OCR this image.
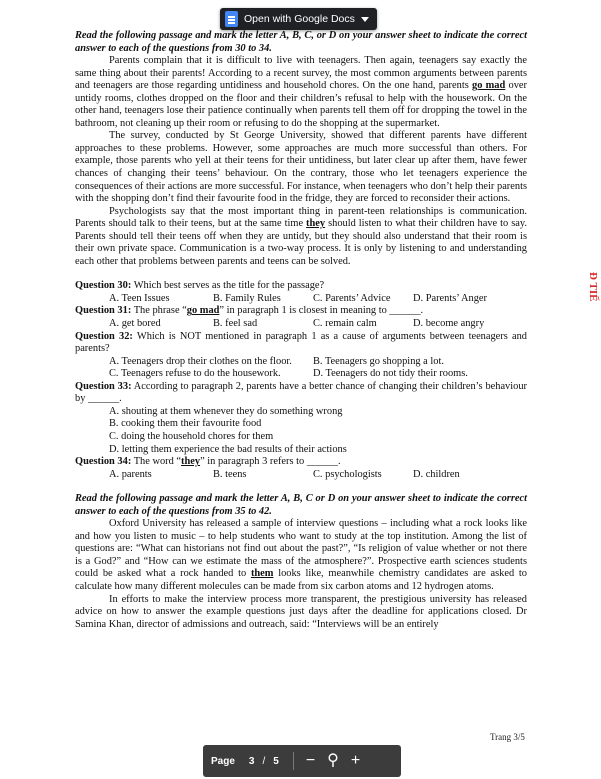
Read the following passage and mark the letter A, B, C, or D on your answer sheet to indicate the correct answer to each of the questions from 30 to 34.

Parents complain that it is difficult to live with teenagers. Then again, teenagers say exactly the same thing about their parents! According to a recent survey, the most common arguments between parents and teenagers are those regarding untidiness and household chores. On the one hand, parents go mad over untidy rooms, clothes dropped on the floor and their children’s refusal to help with the housework. On the other hand, teenagers lose their patience continually when parents tell them off for dropping the towel in the bathroom, not cleaning up their room or refusing to do the shopping at the supermarket.

The survey, conducted by St George University, showed that different parents have different approaches to these problems. However, some approaches are much more successful than others. For example, those parents who yell at their teens for their untidiness, but later clear up after them, have fewer chances of changing their teens’ behaviour. On the contrary, those who let teenagers experience the consequences of their actions are more successful. For instance, when teenagers who don’t help their parents with the shopping don’t find their favourite food in the fridge, they are forced to reconsider their actions.

Psychologists say that the most important thing in parent-teen relationships is communication. Parents should talk to their teens, but at the same time they should listen to what their children have to say. Parents should tell their teens off when they are untidy, but they should also understand that their room is their own private space. Communication is a two-way process. It is only by listening to and understanding each other that problems between parents and teens can be solved.

Question 30: Which best serves as the title for the passage?

A. Teen Issues	B. Family Rules	C. Parents’ Advice	D. Parents’ Anger

Question 31: The phrase “go mad” in paragraph 1 is closest in meaning to ______.

A. get bored	B. feel sad	C. remain calm	D. become angry

Question 32: Which is NOT mentioned in paragraph 1 as a cause of arguments between teenagers and parents?

A. Teenagers drop their clothes on the floor.	B. Teenagers go shopping a lot.
C. Teenagers refuse to do the housework.	D. Teenagers do not tidy their rooms.

Question 33: According to paragraph 2, parents have a better chance of changing their children’s behaviour by ______.

A. shouting at them whenever they do something wrong
B. cooking them their favourite food
C. doing the household chores for them
D. letting them experience the bad results of their actions

Question 34: The word “they” in paragraph 3 refers to ______.

A. parents	B. teens	C. psychologists	D. children

Read the following passage and mark the letter A, B, C or D on your answer sheet to indicate the correct answer to each of the questions from 35 to 42.

Oxford University has released a sample of interview questions – including what a rock looks like and how you listen to music – to help students who want to study at the top institution. Among the list of questions are: “What can historians not find out about the past?”, “Is religion of value whether or not there is a God?” and “How can we estimate the mass of the atmosphere?”. Prospective earth sciences students could be asked what a rock handed to them looks like, meanwhile chemistry candidates are asked to calculate how many different molecules can be made from six carbon atoms and 12 hydrogen atoms.

In efforts to make the interview process more transparent, the prestigious university has released advice on how to answer the example questions just days after the deadline for applications closed. Dr Samina Khan, director of admissions and outreach, said: “Interviews will be an entirely

Trang 3/5
Đ TIẾ
Open with Google Docs
Page 3 / 5 − ⚲ +
